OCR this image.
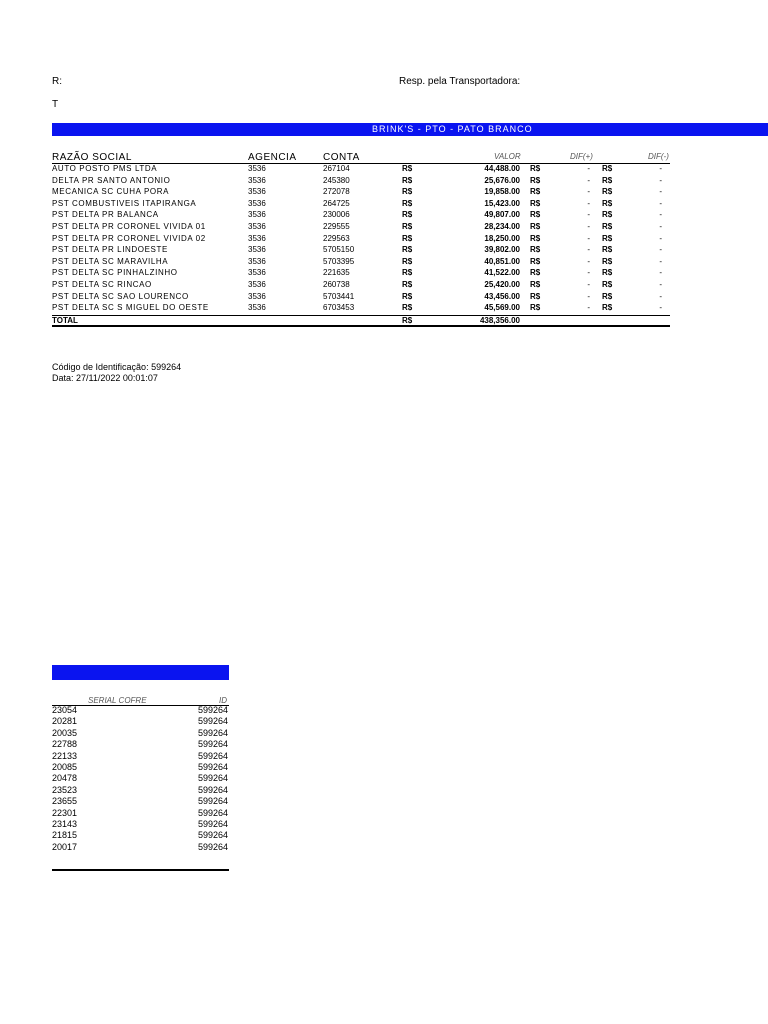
R:	Resp. pela Transportadora:
T
BRINK'S - PTO - PATO BRANCO
RAZÃO SOCIAL	AGENCIA	CONTA	VALOR	DIF(+)	DIF(-)
AUTO POSTO PMS LTDA	3536	267104	R$	44,488.00 R$	- R$	-
DELTA PR SANTO ANTONIO	3536	245380	R$	25,676.00 R$	- R$	-
MECANICA SC CUHA PORA	3536	272078	R$	19,858.00 R$	- R$	-
PST COMBUSTIVEIS ITAPIRANGA	3536	264725	R$	15,423.00 R$	- R$	-
PST DELTA PR BALANCA	3536	230006	R$	49,807.00 R$	- R$	-
PST DELTA PR CORONEL VIVIDA 01	3536	229555	R$	28,234.00 R$	- R$	-
PST DELTA PR CORONEL VIVIDA 02	3536	229563	R$	18,250.00 R$	- R$	-
PST DELTA PR LINDOESTE	3536	5705150	R$	39,802.00 R$	- R$	-
PST DELTA SC MARAVILHA	3536	5703395	R$	40,851.00 R$	- R$	-
PST DELTA SC PINHALZINHO	3536	221635	R$	41,522.00 R$	- R$	-
PST DELTA SC RINCAO	3536	260738	R$	25,420.00 R$	- R$	-
PST DELTA SC SAO LOURENCO	3536	5703441	R$	43,456.00 R$	- R$	-
PST DELTA SC S MIGUEL DO OESTE	3536	6703453	R$	45,569.00 R$	- R$	-
TOTAL	R$	438,356.00
Código de Identificação: 599264
Data: 27/11/2022 00:01:07
SERIAL COFRE	ID
23054	599264
20281	599264
20035	599264
22788	599264
22133	599264
20085	599264
20478	599264
23523	599264
23655	599264
22301	599264
23143	599264
21815	599264
20017	599264
